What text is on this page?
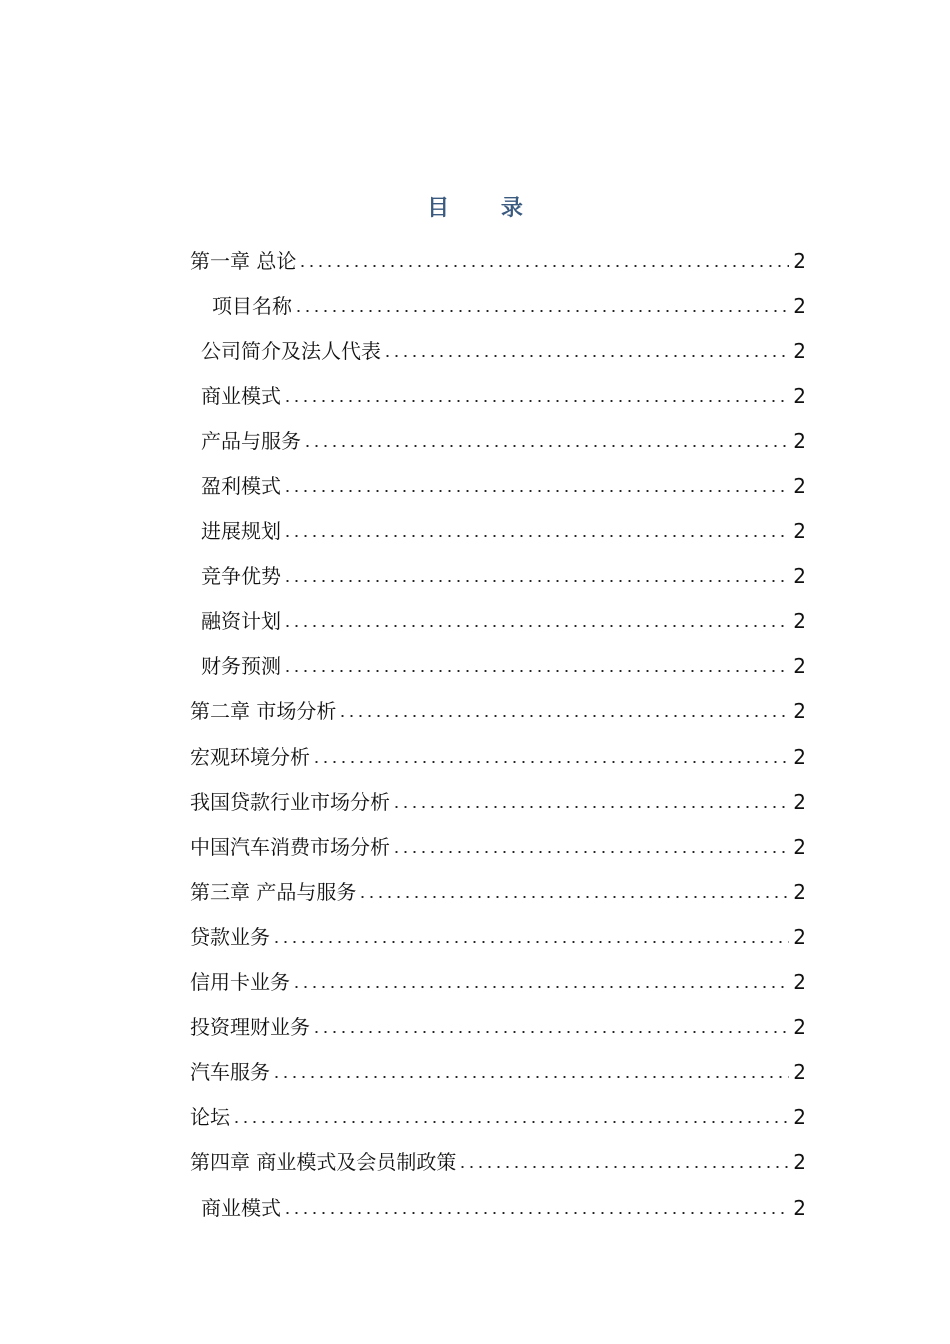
目 录
第一章 总论	2
项目名称	2
公司简介及法人代表	2
商业模式	2
产品与服务	2
盈利模式	2
进展规划	2
竞争优势	2
融资计划	2
财务预测	2
第二章 市场分析	2
宏观环境分析	2
我国贷款行业市场分析	2
中国汽车消费市场分析	2
第三章 产品与服务	2
贷款业务	2
信用卡业务	2
投资理财业务	2
汽车服务	2
论坛	2
第四章 商业模式及会员制政策	2
商业模式	2
